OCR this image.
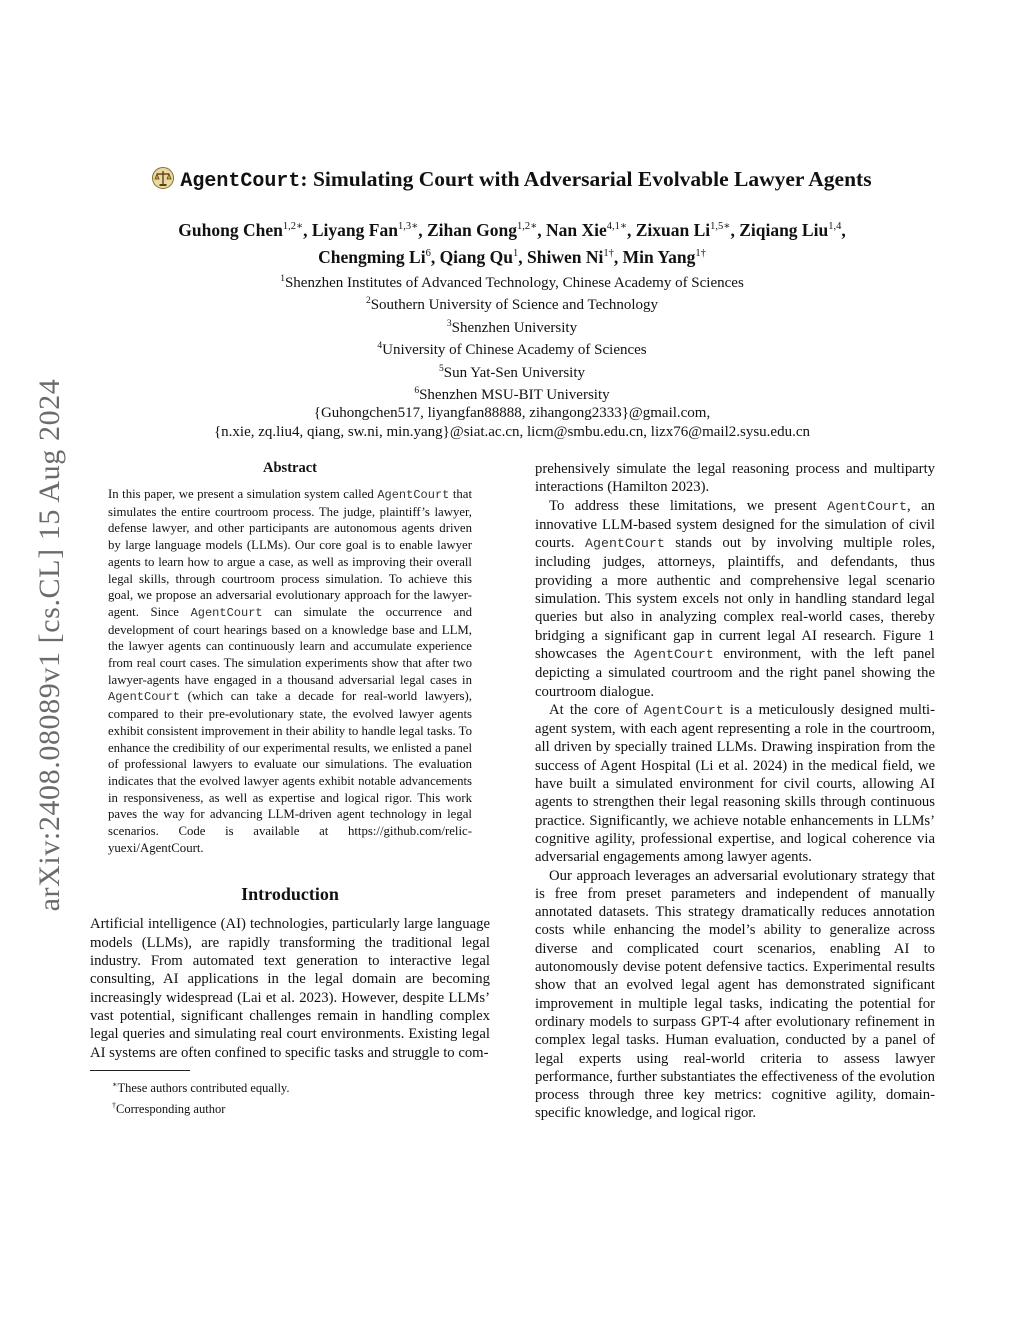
arXiv:2408.08089v1 [cs.CL] 15 Aug 2024
AgentCourt: Simulating Court with Adversarial Evolvable Lawyer Agents
Guhong Chen$^{1,2∗}$, Liyang Fan$^{1,3∗}$, Zihan Gong$^{1,2∗}$, Nan Xie$^{4,1∗}$, Zixuan $Li^{1,5∗}$, Ziqiang Liu$^{1,4}$,
Chengming Li$^6$, Qiang Qu$^1$, Shiwen $Ni^{1\dagger}$, Min Yang$^{1\dagger}$
$^1$Shenzhen Institutes of Advanced Technology, Chinese Academy of Sciences
$^2$Southern University of Science and Technology
$^3$Shenzhen University
$^4$University of Chinese Academy of Sciences
$^5$Sun Yat-Sen University
$^6$Shenzhen MSU-BIT University
{Guhongchen517, liyangfan88888, zihangong2333}@gmail.com,
{n.xie, zq.liu4, qiang, sw.ni, min.yang}@siat.ac.cn, licm@smbu.edu.cn, lizx76@mail2.sysu.edu.cn
Abstract

In this paper, we present a simulation system called AgentCourt that simulates the entire courtroom process. The judge, plaintiff’s lawyer, defense lawyer, and other participants are autonomous agents driven by large language models (LLMs). Our core goal is to enable lawyer agents to learn how to argue a case, as well as improving their overall legal skills, through courtroom process simulation. To achieve this goal, we propose an adversarial evolutionary approach for the lawyer-agent. Since AgentCourt can simulate the occurrence and development of court hearings based on a knowledge base and LLM, the lawyer agents can continuously learn and accumulate experience from real court cases. The simulation experiments show that after two lawyer-agents have engaged in a thousand adversarial legal cases in AgentCourt (which can take a decade for real-world lawyers), compared to their pre-evolutionary state, the evolved lawyer agents exhibit consistent improvement in their ability to handle legal tasks. To enhance the credibility of our experimental results, we enlisted a panel of professional lawyers to evaluate our simulations. The evaluation indicates that the evolved lawyer agents exhibit notable advancements in responsiveness, as well as expertise and logical rigor. This work paves the way for advancing LLM-driven agent technology in legal scenarios. Code is available at https://github.com/relic-yuexi/AgentCourt.

Introduction

Artificial intelligence (AI) technologies, particularly large language models (LLMs), are rapidly transforming the traditional legal industry. From automated text generation to interactive legal consulting, AI applications in the legal domain are becoming increasingly widespread (Lai et al. 2023). However, despite LLMs’ vast potential, significant challenges remain in handling complex legal queries and simulating real court environments. Existing legal AI systems are often confined to specific tasks and struggle to com-

∗These authors contributed equally.

†Corresponding author

prehensively simulate the legal reasoning process and multiparty interactions (Hamilton 2023).

To address these limitations, we present AgentCourt, an innovative LLM-based system designed for the simulation of civil courts. AgentCourt stands out by involving multiple roles, including judges, attorneys, plaintiffs, and defendants, thus providing a more authentic and comprehensive legal scenario simulation. This system excels not only in handling standard legal queries but also in analyzing complex real-world cases, thereby bridging a significant gap in current legal AI research. Figure 1 showcases the AgentCourt environment, with the left panel depicting a simulated courtroom and the right panel showing the courtroom dialogue.

At the core of AgentCourt is a meticulously designed multi-agent system, with each agent representing a role in the courtroom, all driven by specially trained LLMs. Drawing inspiration from the success of Agent Hospital (Li et al. 2024) in the medical field, we have built a simulated environment for civil courts, allowing AI agents to strengthen their legal reasoning skills through continuous practice. Significantly, we achieve notable enhancements in LLMs’ cognitive agility, professional expertise, and logical coherence via adversarial engagements among lawyer agents.

Our approach leverages an adversarial evolutionary strategy that is free from preset parameters and independent of manually annotated datasets. This strategy dramatically reduces annotation costs while enhancing the model’s ability to generalize across diverse and complicated court scenarios, enabling AI to autonomously devise potent defensive tactics. Experimental results show that an evolved legal agent has demonstrated significant improvement in multiple legal tasks, indicating the potential for ordinary models to surpass GPT-4 after evolutionary refinement in complex legal tasks. Human evaluation, conducted by a panel of legal experts using real-world criteria to assess lawyer performance, further substantiates the effectiveness of the evolution process through three key metrics: cognitive agility, domain-specific knowledge, and logical rigor.
